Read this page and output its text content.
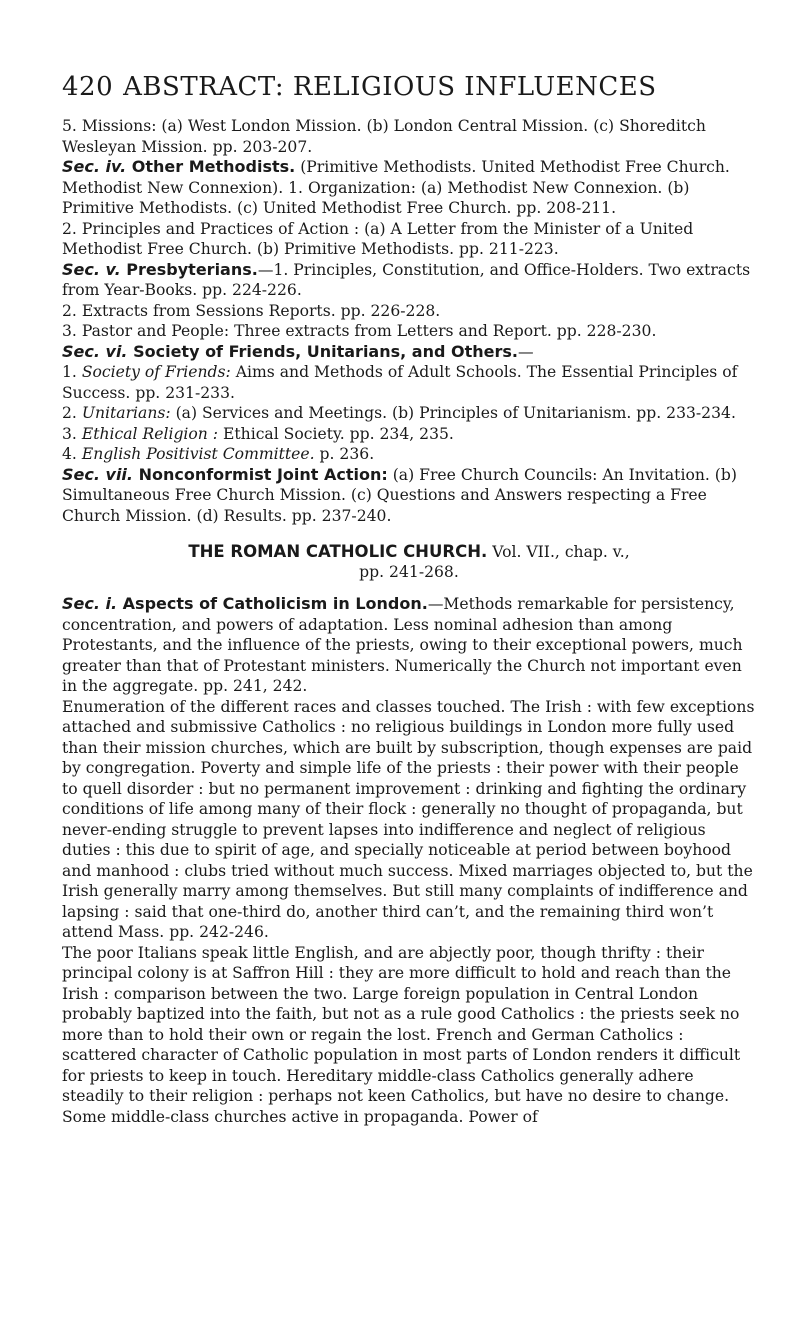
420 ABSTRACT: RELIGIOUS INFLUENCES

5. Missions: (a) West London Mission. (b) London Central Mission. (c) Shoreditch Wesleyan Mission. pp. 203-207.

Sec. iv. Other Methodists. (Primitive Methodists. United Methodist Free Church. Methodist New Connexion). 1. Organization: (a) Methodist New Connexion. (b) Primitive Methodists. (c) United Methodist Free Church. pp. 208-211.

2. Principles and Practices of Action : (a) A Letter from the Minister of a United Methodist Free Church. (b) Primitive Methodists. pp. 211-223.

Sec. v. Presbyterians.—1. Principles, Constitution, and Office-Holders. Two extracts from Year-Books. pp. 224-226.

2. Extracts from Sessions Reports. pp. 226-228.

3. Pastor and People: Three extracts from Letters and Report. pp. 228-230.

Sec. vi. Society of Friends, Unitarians, and Others.—
1. Society of Friends: Aims and Methods of Adult Schools. The Essential Principles of Success. pp. 231-233.

2. Unitarians: (a) Services and Meetings. (b) Principles of Unitarianism. pp. 233-234.

3. Ethical Religion : Ethical Society. pp. 234, 235.

4. English Positivist Committee. p. 236.

Sec. vii. Nonconformist Joint Action: (a) Free Church Councils: An Invitation. (b) Simultaneous Free Church Mission. (c) Questions and Answers respecting a Free Church Mission. (d) Results. pp. 237-240.

THE ROMAN CATHOLIC CHURCH. Vol. VII., chap. v.,
pp. 241-268.

Sec. i. Aspects of Catholicism in London.—Methods remarkable for persistency, concentration, and powers of adaptation. Less nominal adhesion than among Protestants, and the influence of the priests, owing to their exceptional powers, much greater than that of Protestant ministers. Numerically the Church not important even in the aggregate. pp. 241, 242.

Enumeration of the different races and classes touched. The Irish : with few exceptions attached and submissive Catholics : no religious buildings in London more fully used than their mission churches, which are built by subscription, though expenses are paid by congregation. Poverty and simple life of the priests : their power with their people to quell disorder : but no permanent improvement : drinking and fighting the ordinary conditions of life among many of their flock : generally no thought of propaganda, but never-ending struggle to prevent lapses into indifference and neglect of religious duties : this due to spirit of age, and specially noticeable at period between boyhood and manhood : clubs tried without much success. Mixed marriages objected to, but the Irish generally marry among themselves. But still many complaints of indifference and lapsing : said that one-third do, another third can’t, and the remaining third won’t attend Mass. pp. 242-246.

The poor Italians speak little English, and are abjectly poor, though thrifty : their principal colony is at Saffron Hill : they are more difficult to hold and reach than the Irish : comparison between the two. Large foreign population in Central London probably baptized into the faith, but not as a rule good Catholics : the priests seek no more than to hold their own or regain the lost. French and German Catholics : scattered character of Catholic population in most parts of London renders it difficult for priests to keep in touch. Hereditary middle-class Catholics generally adhere steadily to their religion : perhaps not keen Catholics, but have no desire to change. Some middle-class churches active in propaganda. Power of
